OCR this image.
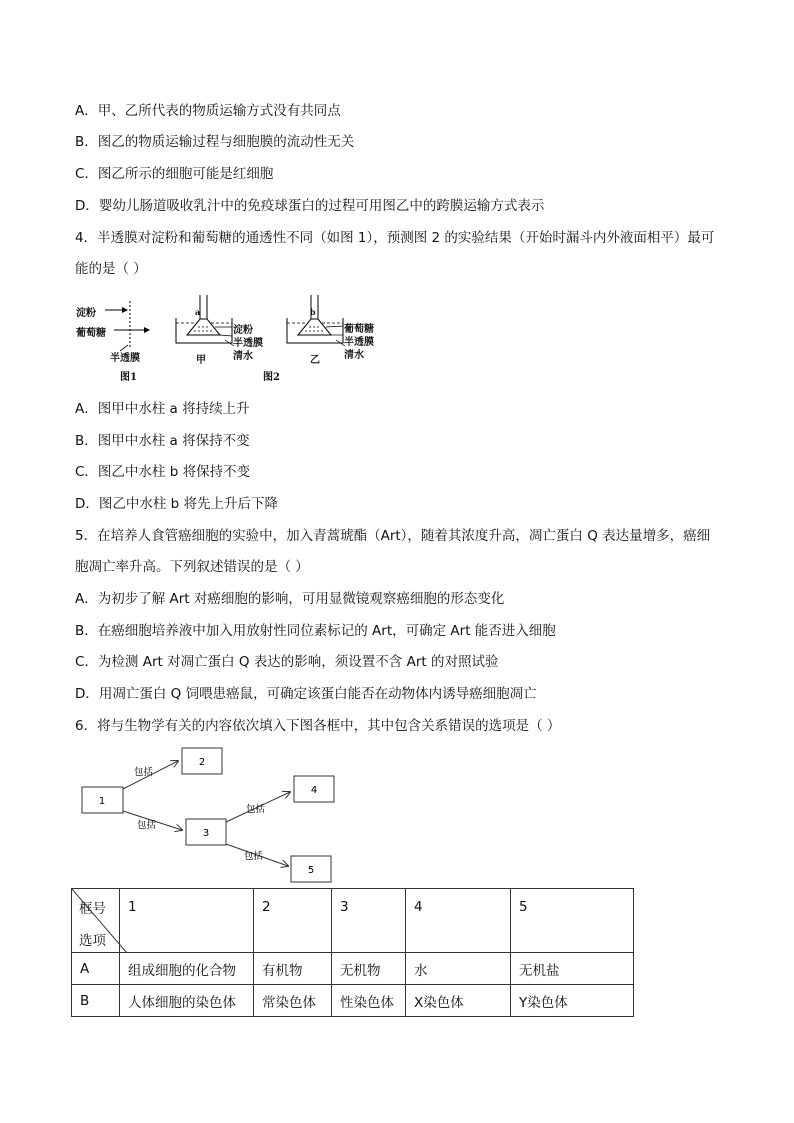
A．甲、乙所代表的物质运输方式没有共同点
B．图乙的物质运输过程与细胞膜的流动性无关
C．图乙所示的细胞可能是红细胞
D．婴幼儿肠道吸收乳汁中的免疫球蛋白的过程可用图乙中的跨膜运输方式表示
4．半透膜对淀粉和葡萄糖的通透性不同（如图 1），预测图 2 的实验结果（开始时漏斗内外液面相平）最可
能的是（ ）
淀粉
葡萄糖
半透膜
图1
a
淀粉
半透膜
清水
甲
图2
b
葡萄糖
半透膜
清水
乙
A．图甲中水柱 a 将持续上升
B．图甲中水柱 a 将保持不变
C．图乙中水柱 b 将保持不变
D．图乙中水柱 b 将先上升后下降
5．在培养人食管癌细胞的实验中，加入青蒿琥酯（Art），随着其浓度升高，凋亡蛋白 Q 表达量增多，癌细
胞凋亡率升高。下列叙述错误的是（ ）
A．为初步了解 Art 对癌细胞的影响，可用显微镜观察癌细胞的形态变化
B．在癌细胞培养液中加入用放射性同位素标记的 Art，可确定 Art 能否进入细胞
C．为检测 Art 对凋亡蛋白 Q 表达的影响，须设置不含 Art 的对照试验
D．用凋亡蛋白 Q 饲喂患癌鼠，可确定该蛋白能否在动物体内诱导癌细胞凋亡
6．将与生物学有关的内容依次填入下图各框中，其中包含关系错误的选项是（ ）
1
2
3
4
5
包括
包括
包括
包括
框号
选项	1	2	3	4	5
A	组成细胞的化合物	有机物	无机物	水	无机盐
B	人体细胞的染色体	常染色体	性染色体	X染色体	Y染色体
